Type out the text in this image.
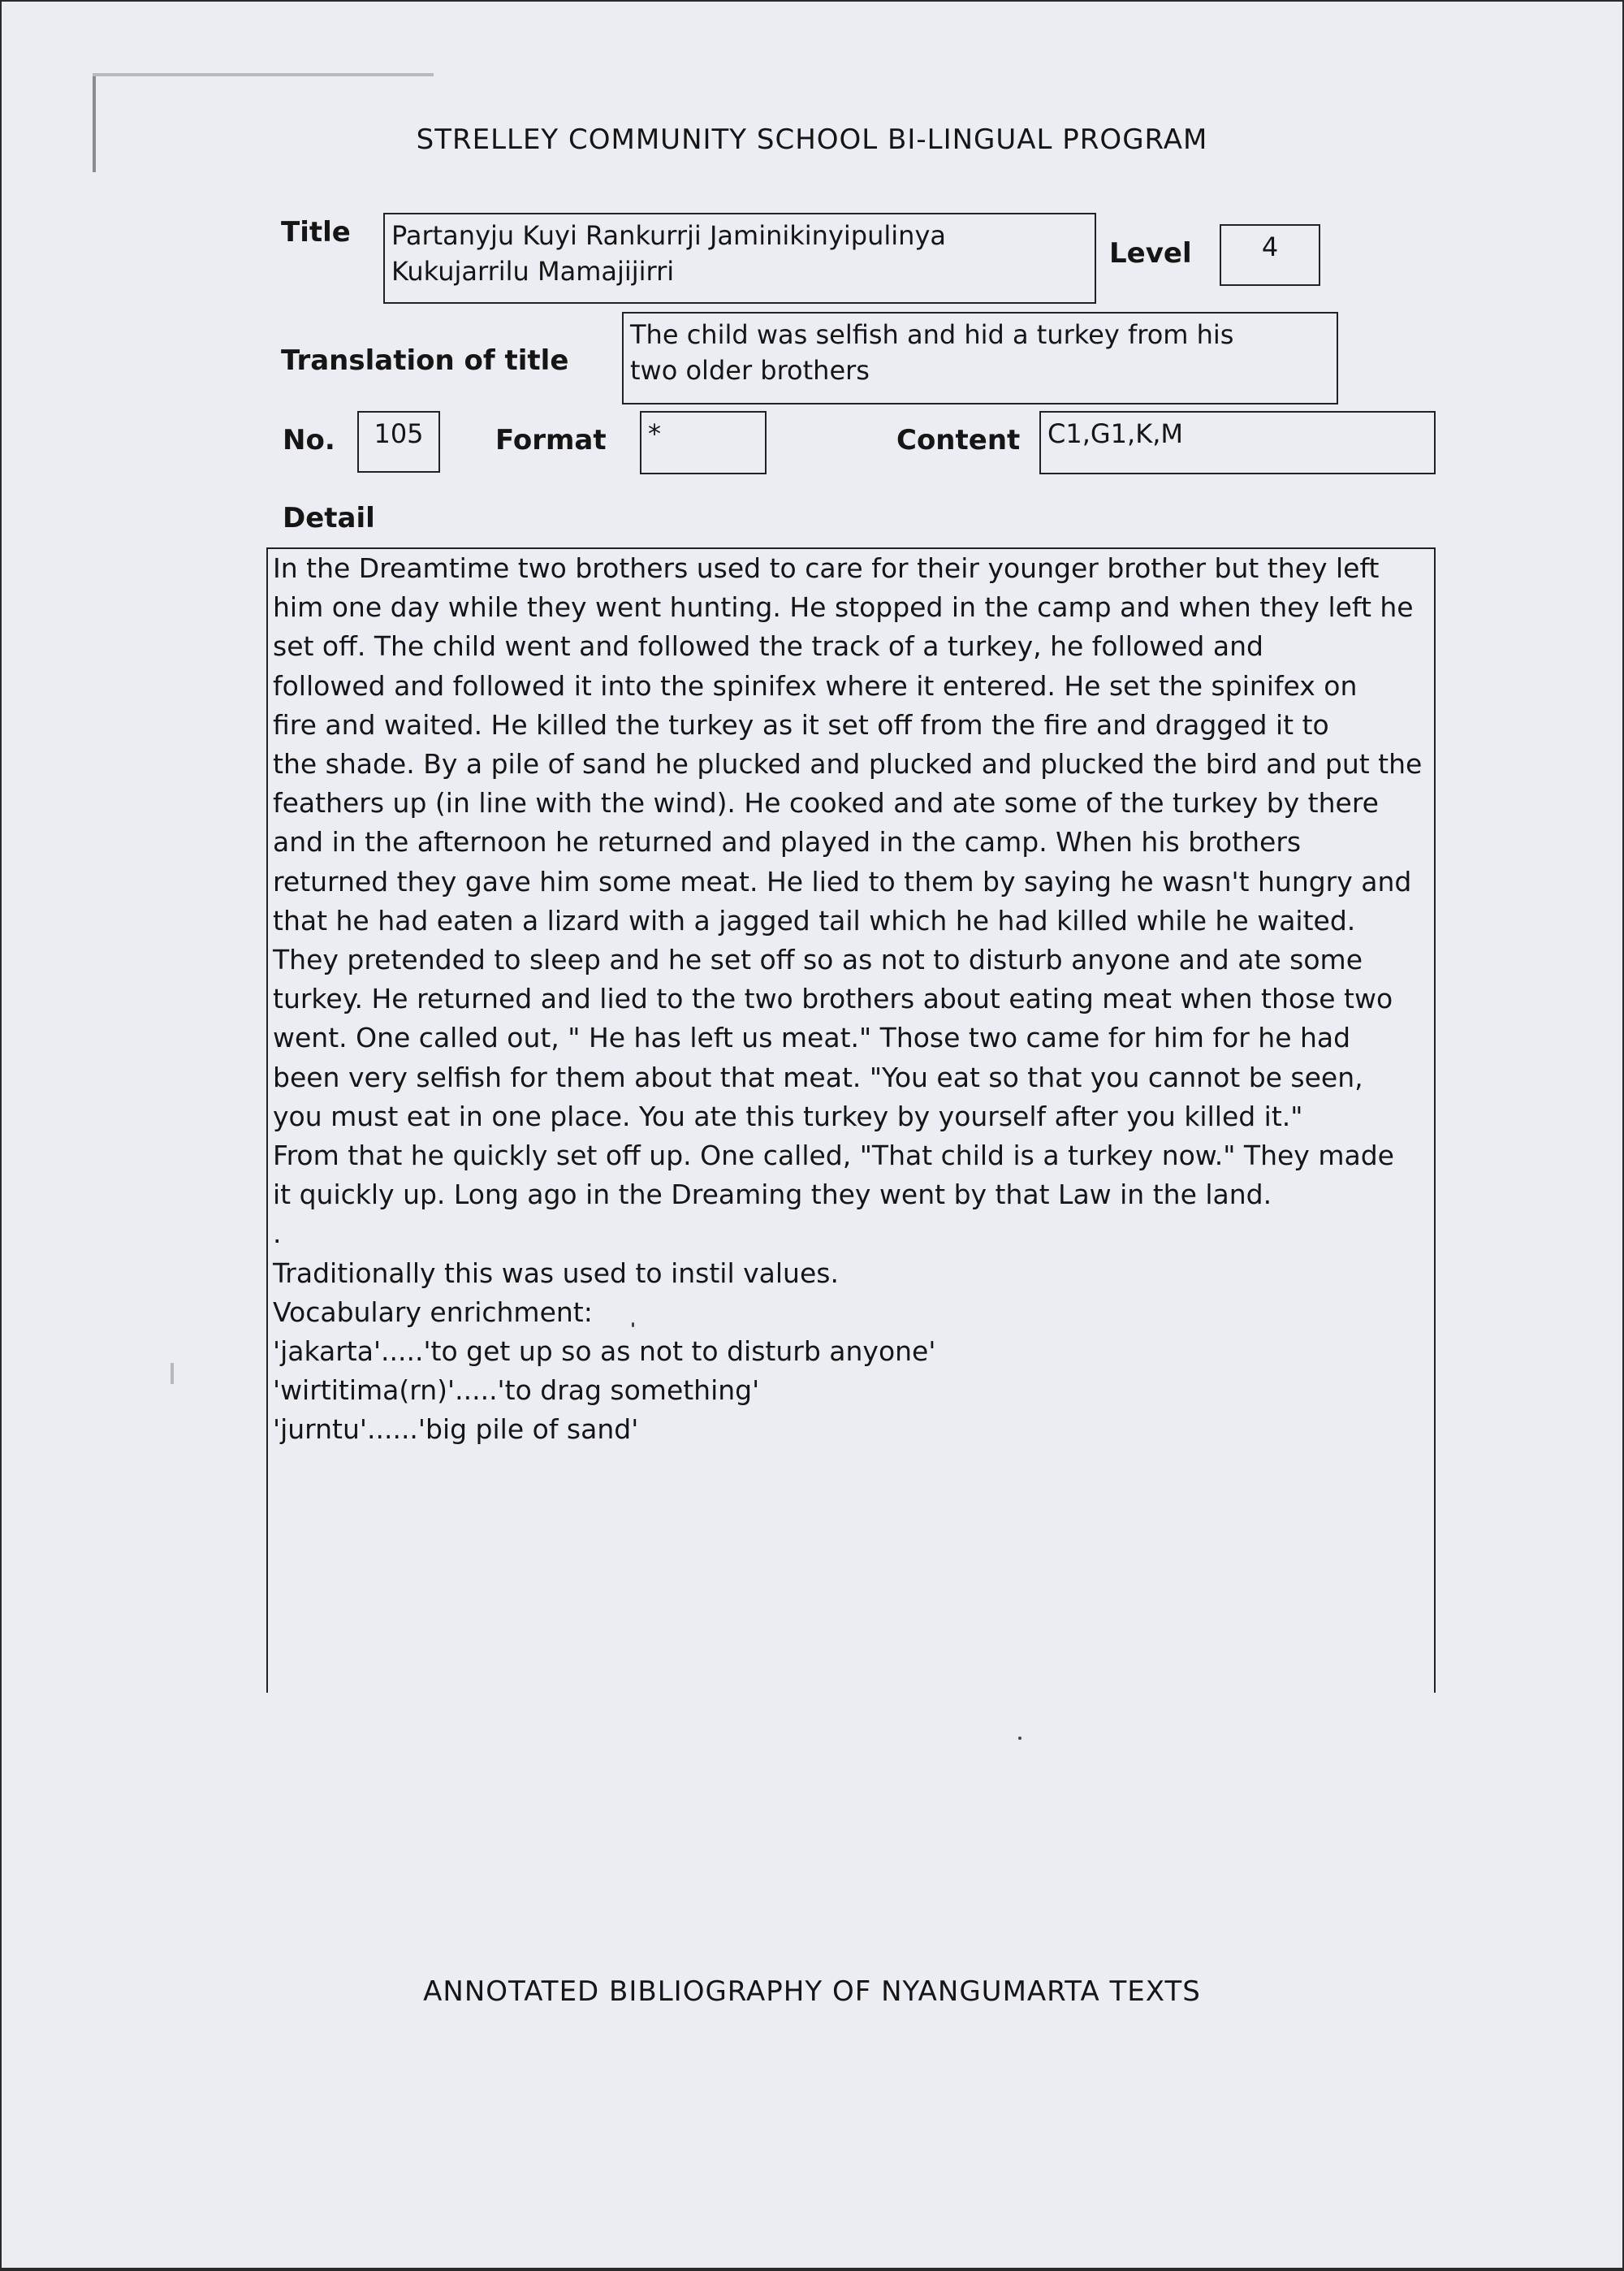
STRELLEY COMMUNITY SCHOOL BI-LINGUAL PROGRAM
Title	Partanyju Kuyi Rankurrji Jaminikinyipulinya
Kukujarrilu Mamajijirri
Level	4
Translation of title
The child was selfish and hid a turkey from his
two older brothers
No.	105	Format	*	Content	C1,G1,K,M
Detail

In the Dreamtime two brothers used to care for their younger brother but they left
him one day while they went hunting. He stopped in the camp and when they left he
set off. The child went and followed the track of a turkey, he followed and
followed and followed it into the spinifex where it entered. He set the spinifex on
fire and waited. He killed the turkey as it set off from the fire and dragged it to
the shade. By a pile of sand he plucked and plucked and plucked the bird and put the
feathers up (in line with the wind). He cooked and ate some of the turkey by there
and in the afternoon he returned and played in the camp. When his brothers
returned they gave him some meat. He lied to them by saying he wasn't hungry and
that he had eaten a lizard with a jagged tail which he had killed while he waited.
They pretended to sleep and he set off so as not to disturb anyone and ate some
turkey. He returned and lied to the two brothers about eating meat when those two
went. One called out, " He has left us meat." Those two came for him for he had
been very selfish for them about that meat. "You eat so that you cannot be seen,
you must eat in one place. You ate this turkey by yourself after you killed it."
From that he quickly set off up. One called, "That child is a turkey now." They made
it quickly up. Long ago in the Dreaming they went by that Law in the land.
.
Traditionally this was used to instil values.
Vocabulary enrichment:
'jakarta'.....'to get up so as not to disturb anyone'
'wirtitima(rn)'.....'to drag something'
'jurntu'......'big pile of sand'

ANNOTATED BIBLIOGRAPHY OF NYANGUMARTA TEXTS
